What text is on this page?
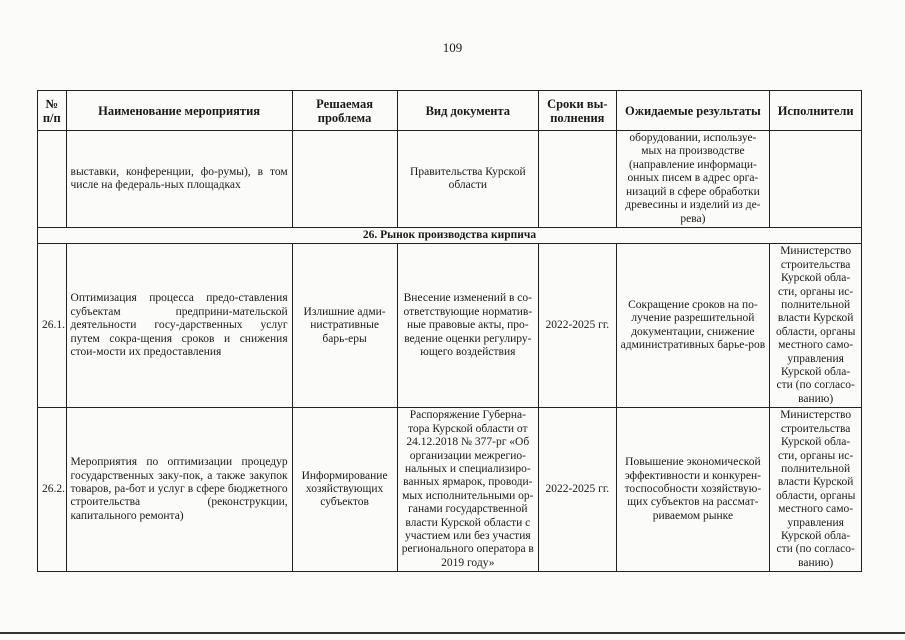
109
№ п/п	Наименование мероприятия	Решаемая проблема	Вид документа	Сроки вы-полнения	Ожидаемые результаты	Исполнители
	выставки, конференции, фо-румы), в том числе на федераль-ных площадках		Правительства Курской области		оборудовании, используе-мых на производстве (направление информаци-онных писем в адрес орга-низаций в сфере обработки древесины и изделий из де-рева)	
26. Рынок производства кирпича						
26.1.	Оптимизация процесса предо-ставления субъектам предприни-мательской деятельности госу-дарственных услуг путем сокра-щения сроков и снижения стои-мости их предоставления	Излишние адми-нистративные барь-еры	Внесение изменений в со-ответствующие норматив-ные правовые акты, про-ведение оценки регулиру-ющего воздействия	2022-2025 гг.	Сокращение сроков на по-лучение разрешительной документации, снижение административных барье-ров	Министерство строительства Курской обла-сти, органы ис-полнительной власти Курской области, органы местного само-управления Курской обла-сти (по согласо-ванию)
26.2.	Мероприятия по оптимизации процедур государственных заку-пок, а также закупок товаров, ра-бот и услуг в сфере бюджетного строительства (реконструкции, капитального ремонта)	Информирование хозяйствующих субъектов	Распоряжение Губерна-тора Курской области от 24.12.2018 № 377-рг «Об организации межрегио-нальных и специализиро-ванных ярмарок, проводи-мых исполнительными ор-ганами государственной власти Курской области с участием или без участия регионального оператора в 2019 году»	2022-2025 гг.	Повышение экономической эффективности и конкурен-тоспособности хозяйствую-щих субъектов на рассмат-риваемом рынке	Министерство строительства Курской обла-сти, органы ис-полнительной власти Курской области, органы местного само-управления Курской обла-сти (по согласо-ванию)
